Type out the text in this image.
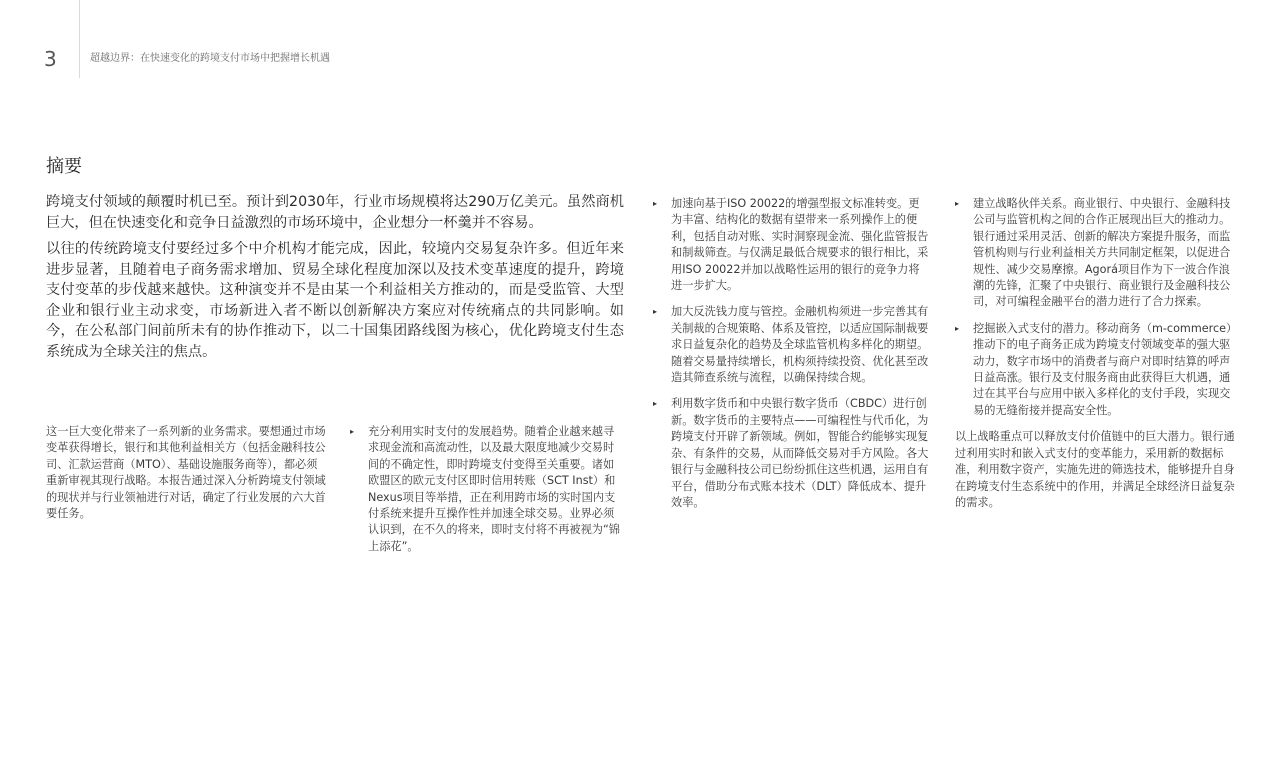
3	超越边界：在快速变化的跨境支付市场中把握增长机遇
摘要

跨境支付领域的颠覆时机已至。预计到2030年，行业市场规模将达290万亿美元。虽然商机巨大，但在快速变化和竞争日益激烈的市场环境中，企业想分一杯羹并不容易。

以往的传统跨境支付要经过多个中介机构才能完成，因此，较境内交易复杂许多。但近年来进步显著，且随着电子商务需求增加、贸易全球化程度加深以及技术变革速度的提升，跨境支付变革的步伐越来越快。这种演变并不是由某一个利益相关方推动的，而是受监管、大型企业和银行业主动求变，市场新进入者不断以创新解决方案应对传统痛点的共同影响。如今，在公私部门间前所未有的协作推动下，以二十国集团路线图为核心，优化跨境支付生态系统成为全球关注的焦点。

这一巨大变化带来了一系列新的业务需求。要想通过市场变革获得增长，银行和其他利益相关方（包括金融科技公司、汇款运营商（MTO）、基础设施服务商等），都必须重新审视其现行战略。本报告通过深入分析跨境支付领域的现状并与行业领袖进行对话，确定了行业发展的六大首要任务。

▸ 充分利用实时支付的发展趋势。随着企业越来越寻求现金流和高流动性，以及最大限度地减少交易时间的不确定性，即时跨境支付变得至关重要。诸如欧盟区的欧元支付区即时信用转账（SCT Inst）和Nexus项目等举措，正在利用跨市场的实时国内支付系统来提升互操作性并加速全球交易。业界必须认识到，在不久的将来，即时支付将不再被视为“锦上添花”。
▸ 加速向基于ISO 20022的增强型报文标准转变。更为丰富、结构化的数据有望带来一系列操作上的便利，包括自动对账、实时洞察现金流、强化监管报告和制裁筛查。与仅满足最低合规要求的银行相比，采用ISO 20022并加以战略性运用的银行的竞争力将进一步扩大。
▸ 加大反洗钱力度与管控。金融机构须进一步完善其有关制裁的合规策略、体系及管控，以适应国际制裁要求日益复杂化的趋势及全球监管机构多样化的期望。随着交易量持续增长，机构须持续投资、优化甚至改造其筛查系统与流程，以确保持续合规。
▸ 利用数字货币和中央银行数字货币（CBDC）进行创新。数字货币的主要特点——可编程性与代币化，为跨境支付开辟了新领域。例如，智能合约能够实现复杂、有条件的交易，从而降低交易对手方风险。各大银行与金融科技公司已纷纷抓住这些机遇，运用自有平台，借助分布式账本技术（DLT）降低成本、提升效率。
▸ 建立战略伙伴关系。商业银行、中央银行、金融科技公司与监管机构之间的合作正展现出巨大的推动力。银行通过采用灵活、创新的解决方案提升服务，而监管机构则与行业利益相关方共同制定框架，以促进合规性、减少交易摩擦。Agorá项目作为下一波合作浪潮的先锋，汇聚了中央银行、商业银行及金融科技公司，对可编程金融平台的潜力进行了合力探索。
▸ 挖掘嵌入式支付的潜力。移动商务（m-commerce）推动下的电子商务正成为跨境支付领域变革的强大驱动力，数字市场中的消费者与商户对即时结算的呼声日益高涨。银行及支付服务商由此获得巨大机遇，通过在其平台与应用中嵌入多样化的支付手段，实现交易的无缝衔接并提高安全性。

以上战略重点可以释放支付价值链中的巨大潜力。银行通过利用实时和嵌入式支付的变革能力，采用新的数据标准，利用数字资产，实施先进的筛选技术，能够提升自身在跨境支付生态系统中的作用，并满足全球经济日益复杂的需求。
